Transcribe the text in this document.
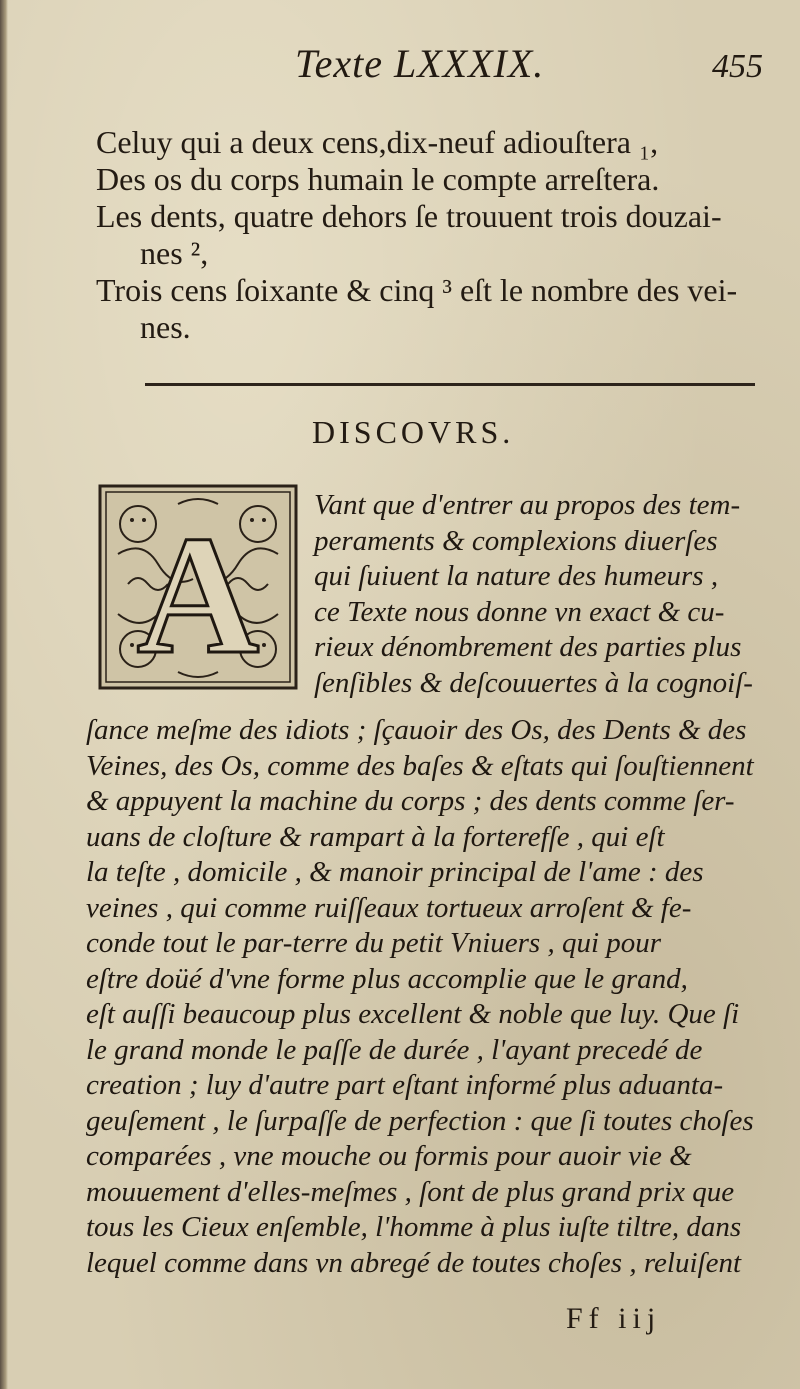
Texte LXXXIX.	455
Celuy qui a deux cens,dix-neuf adiouſtera ₁,
Des os du corps humain le compte arreſtera.
Les dents, quatre dehors ſe trouuent trois douzai-
nes ²,
Trois cens ſoixante & cinq ³ eſt le nombre des vei-
nes.
DISCOVRS.
A Vant que d'entrer au propos des tem-
peraments & complexions diuerſes
qui ſuiuent la nature des humeurs ,
ce Texte nous donne vn exact & cu-
rieux dénombrement des parties plus
ſenſibles & deſcouuertes à la cognoiſ-
ſance meſme des idiots ; ſçauoir des Os, des Dents & des
Veines, des Os, comme des baſes & eſtats qui ſouſtiennent
& appuyent la machine du corps ; des dents comme ſer-
uans de cloſture & rampart à la forterefſe , qui eſt
la teſte , domicile , & manoir principal de l'ame : des
veines , qui comme ruiſſeaux tortueux arroſent & fe-
conde tout le par-terre du petit Vniuers , qui pour
eſtre doüé d'vne forme plus accomplie que le grand,
eſt auſſi beaucoup plus excellent & noble que luy. Que ſi
le grand monde le paſſe de durée , l'ayant precedé de
creation ; luy d'autre part eſtant informé plus aduanta-
geuſement , le ſurpaſſe de perfection : que ſi toutes choſes
comparées , vne mouche ou formis pour auoir vie &
mouuement d'elles-meſmes , ſont de plus grand prix que
tous les Cieux enſemble, l'homme à plus iuſte tiltre, dans
lequel comme dans vn abregé de toutes choſes , reluiſent
Ff iij
